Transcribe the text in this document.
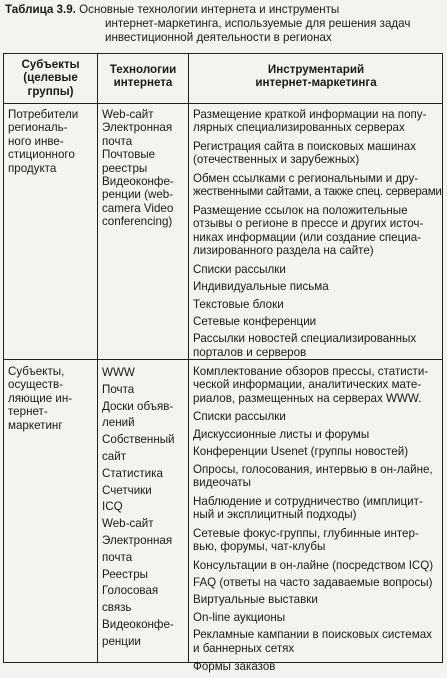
Таблица 3.9. Основные технологии интернета и инструменты
интернет-маркетинга, используемые для решения задач
инвестиционной деятельности в регионах
Субъекты
(целевые
группы)
Технологии
интернета
Инструментарий
интернет-маркетинга
Потребители
региональ-
ного инве-
стиционного
продукта
Web-сайт
Электронная
почта
Почтовые
реестры
Видеоконфе-
ренции (web-
camera Video
conferencing)
Размещение краткой информации на попу-
лярных специализированных серверах
Регистрация сайта в поисковых машинах
(отечественных и зарубежных)
Обмен ссылками с региональными и дру-
жественными сайтами, а также спец. серверами
Размещение ссылок на положительные
отзывы о регионе в прессе и других источ-
никах информации (или создание специа-
лизированного раздела на сайте)
Списки рассылки
Индивидуальные письма
Текстовые блоки
Сетевые конференции
Рассылки новостей специализированных
порталов и серверов
Субъекты,
осуществ-
ляющие ин-
тернет-
маркетинг
WWW
Почта
Доски объяв-
лений
Собственный
сайт
Статистика
Счетчики
ICQ
Web-сайт
Электронная
почта
Реестры
Голосовая
связь
Видеоконфе-
ренции
Комплектование обзоров прессы, статисти-
ческой информации, аналитических мате-
риалов, размещенных на серверах WWW.
Списки рассылки
Дискуссионные листы и форумы
Конференции Usenet (группы новостей)
Опросы, голосования, интервью в он-лайне,
видеочаты
Наблюдение и сотрудничество (имплицит-
ный и эксплицитный подходы)
Сетевые фокус-группы, глубинные интер-
вью, форумы, чат-клубы
Консультации в он-лайне (посредством ICQ)
FAQ (ответы на часто задаваемые вопросы)
Виртуальные выставки
On-line аукционы
Рекламные кампании в поисковых системах
и баннерных сетях
Формы заказов
